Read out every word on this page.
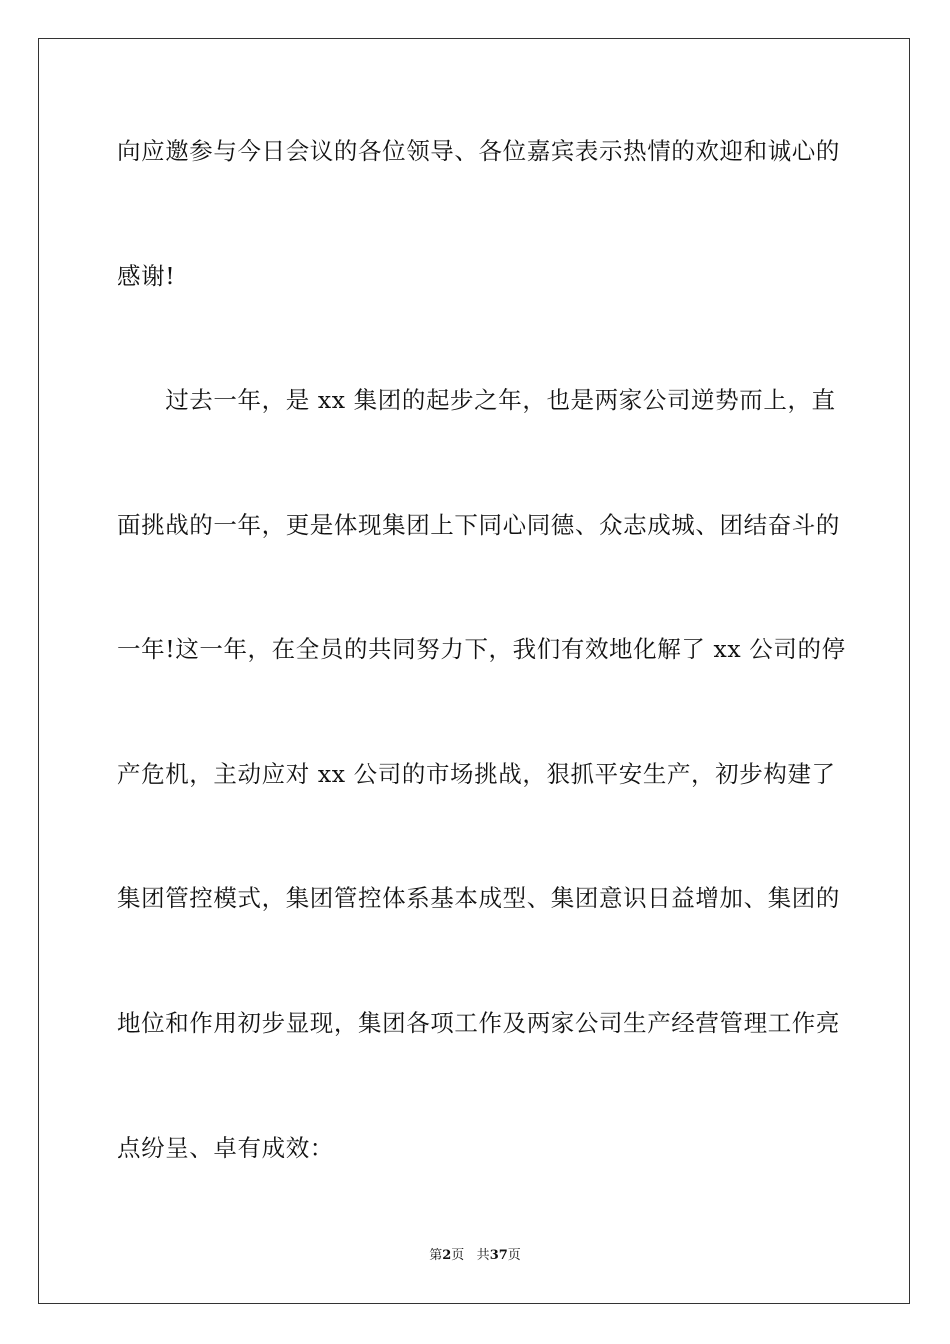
向应邀参与今日会议的各位领导、各位嘉宾表示热情的欢迎和诚心的
感谢!
　　过去一年，是 xx 集团的起步之年，也是两家公司逆势而上，直
面挑战的一年，更是体现集团上下同心同德、众志成城、团结奋斗的
一年!这一年，在全员的共同努力下，我们有效地化解了 xx 公司的停
产危机，主动应对 xx 公司的市场挑战，狠抓平安生产，初步构建了
集团管控模式，集团管控体系基本成型、集团意识日益增加、集团的
地位和作用初步显现，集团各项工作及两家公司生产经营管理工作亮
点纷呈、卓有成效：
第2页 共37页
